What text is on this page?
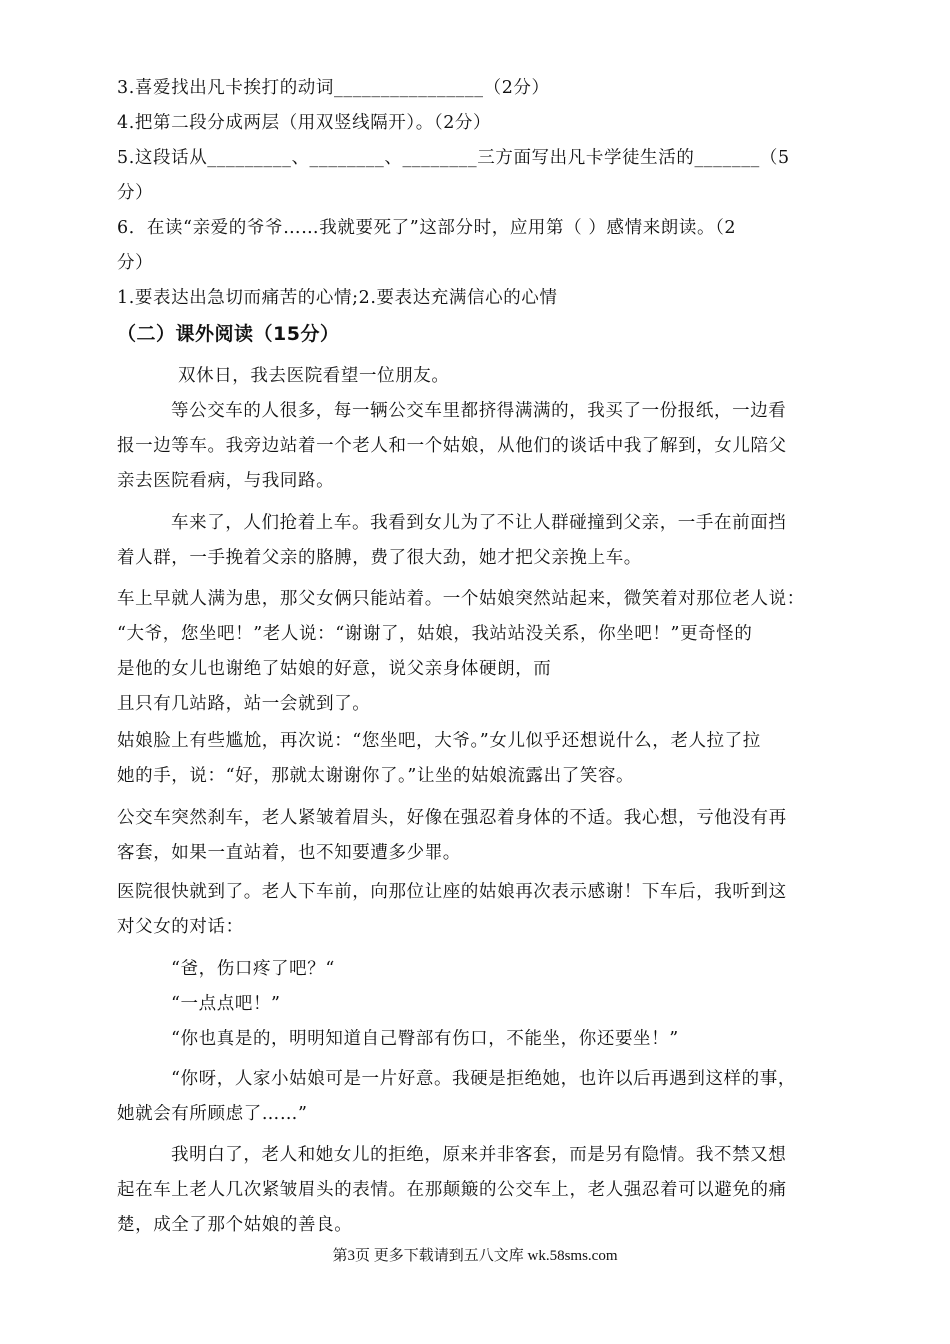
3.喜爱找出凡卡挨打的动词________________（2分）
4.把第二段分成两层（用双竖线隔开）。（2分）
5.这段话从_________、________、________三方面写出凡卡学徒生活的_______（5
分）
6．在读“亲爱的爷爷……我就要死了”这部分时，应用第（ ）感情来朗读。（2
分）
1.要表达出急切而痛苦的心情;2.要表达充满信心的心情
（二）课外阅读（15分）
双休日，我去医院看望一位朋友。
等公交车的人很多，每一辆公交车里都挤得满满的，我买了一份报纸，一边看
报一边等车。我旁边站着一个老人和一个姑娘，从他们的谈话中我了解到，女儿陪父
亲去医院看病，与我同路。
车来了，人们抢着上车。我看到女儿为了不让人群碰撞到父亲，一手在前面挡
着人群，一手挽着父亲的胳膊，费了很大劲，她才把父亲挽上车。
车上早就人满为患，那父女俩只能站着。一个姑娘突然站起来，微笑着对那位老人说：
“大爷，您坐吧！”老人说：“谢谢了，姑娘，我站站没关系，你坐吧！”更奇怪的
是他的女儿也谢绝了姑娘的好意，说父亲身体硬朗，而
且只有几站路，站一会就到了。
姑娘脸上有些尴尬，再次说：“您坐吧，大爷。”女儿似乎还想说什么，老人拉了拉
她的手，说：“好，那就太谢谢你了。”让坐的姑娘流露出了笑容。
公交车突然刹车，老人紧皱着眉头，好像在强忍着身体的不适。我心想，亏他没有再
客套，如果一直站着，也不知要遭多少罪。
医院很快就到了。老人下车前，向那位让座的姑娘再次表示感谢！下车后，我听到这
对父女的对话：
“爸，伤口疼了吧？“
“一点点吧！”
“你也真是的，明明知道自己臀部有伤口，不能坐，你还要坐！”
“你呀，人家小姑娘可是一片好意。我硬是拒绝她，也许以后再遇到这样的事，
她就会有所顾虑了……”
我明白了，老人和她女儿的拒绝，原来并非客套，而是另有隐情。我不禁又想
起在车上老人几次紧皱眉头的表情。在那颠簸的公交车上，老人强忍着可以避免的痛
楚，成全了那个姑娘的善良。
第3页 更多下载请到五八文库 wk.58sms.com
